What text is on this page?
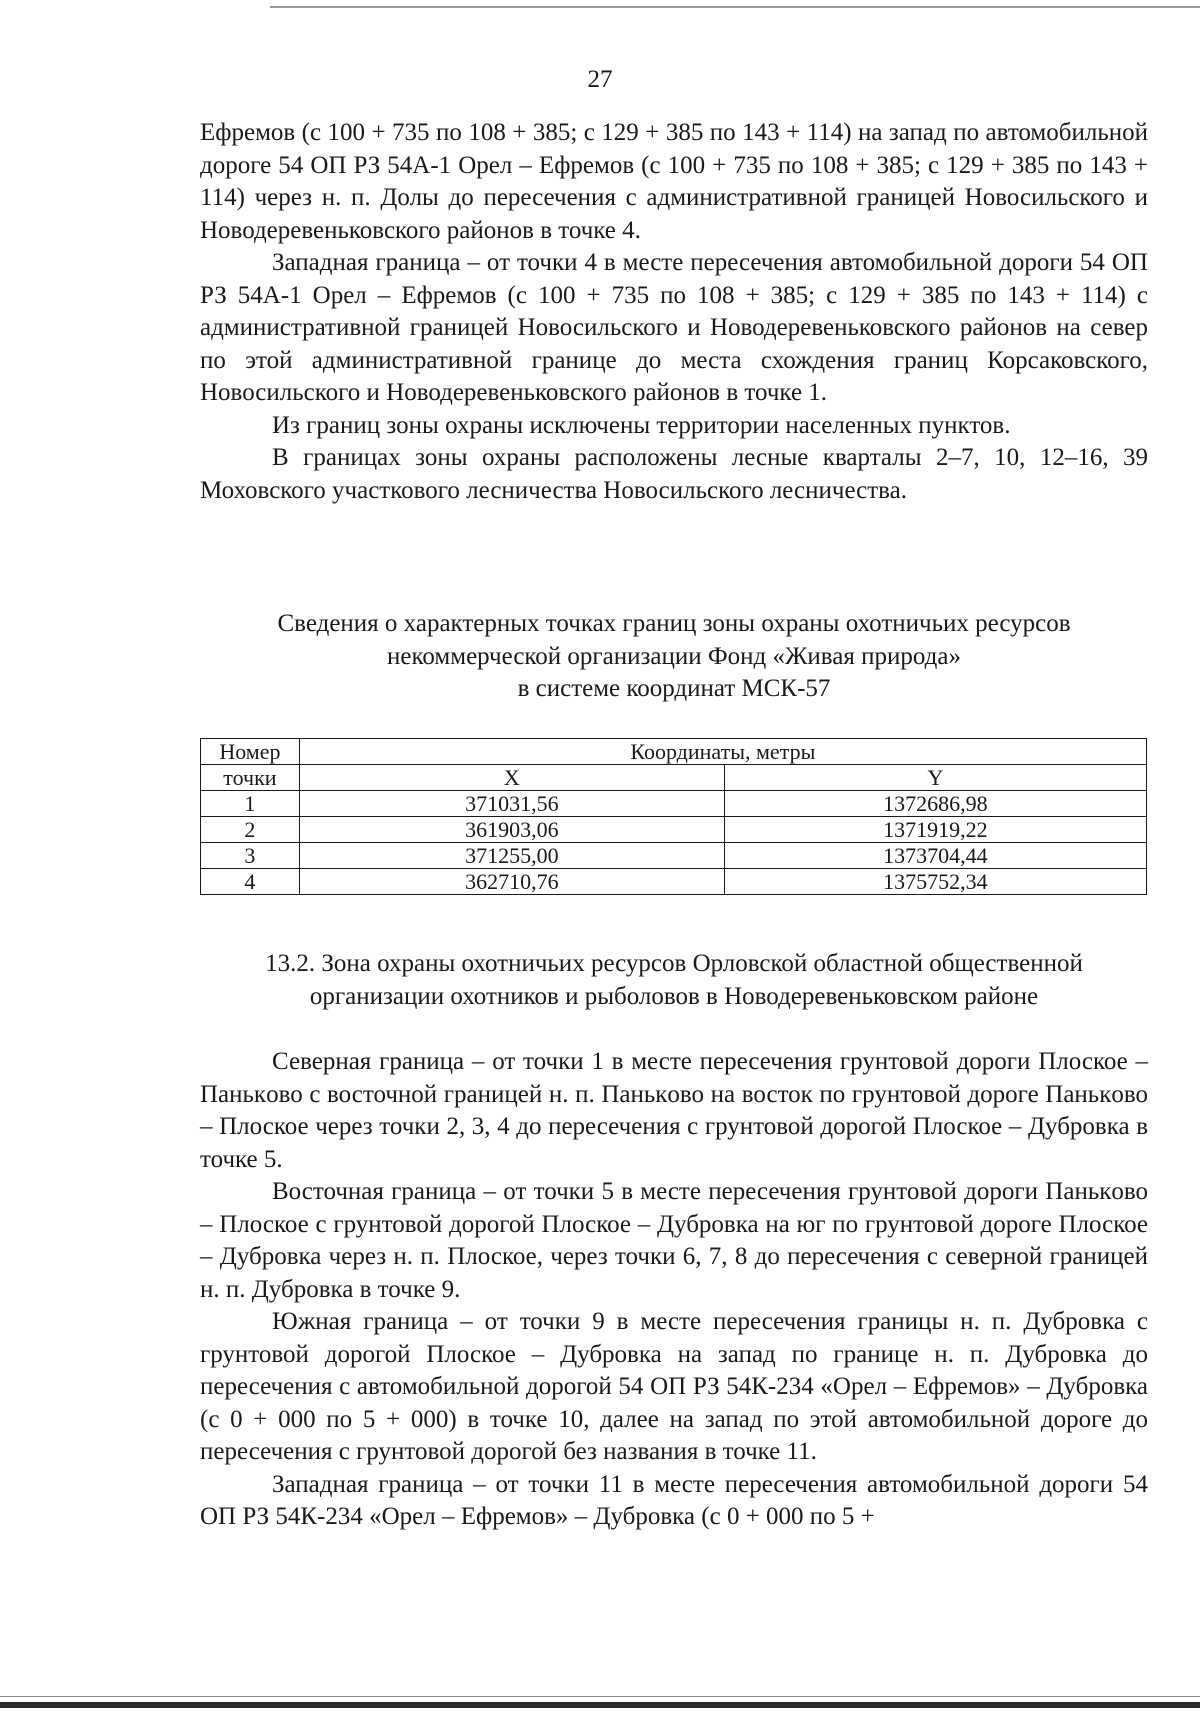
27

Ефремов (с 100 + 735 по 108 + 385; с 129 + 385 по 143 + 114) на запад по автомобильной дороге 54 ОП РЗ 54А-1 Орел – Ефремов (с 100 + 735 по 108 + 385; с 129 + 385 по 143 + 114) через н. п. Долы до пересечения с административной границей Новосильского и Новодеревеньковского районов в точке 4.

Западная граница – от точки 4 в месте пересечения автомобильной дороги 54 ОП РЗ 54А-1 Орел – Ефремов (с 100 + 735 по 108 + 385; с 129 + 385 по 143 + 114) с административной границей Новосильского и Новодеревеньковского районов на север по этой административной границе до места схождения границ Корсаковского, Новосильского и Новодеревеньковского районов в точке 1.

Из границ зоны охраны исключены территории населенных пунктов.

В границах зоны охраны расположены лесные кварталы 2–7, 10, 12–16, 39 Моховского участкового лесничества Новосильского лесничества.

Сведения о характерных точках границ зоны охраны охотничьих ресурсов
некоммерческой организации Фонд «Живая природа»
в системе координат МСК-57
Номер	Координаты, метры	
точки	X	Y
1	371031,56	1372686,98
2	361903,06	1371919,22
3	371255,00	1373704,44
4	362710,76	1375752,34
13.2. Зона охраны охотничьих ресурсов Орловской областной общественной
организации охотников и рыболовов в Новодеревеньковском районе

Северная граница – от точки 1 в месте пересечения грунтовой дороги Плоское – Панькoво с восточной границей н. п. Панькoво на восток по грунтовой дороге Панькoво – Плоское через точки 2, 3, 4 до пересечения с грунтовой дорогой Плоское – Дубровка в точке 5.

Восточная граница – от точки 5 в месте пересечения грунтовой дороги Панькoво – Плоское с грунтовой дорогой Плоское – Дубровка на юг по грунтовой дороге Плоское – Дубровка через н. п. Плоское, через точки 6, 7, 8 до пересечения с северной границей н. п. Дубровка в точке 9.

Южная граница – от точки 9 в месте пересечения границы н. п. Дубровка с грунтовой дорогой Плоское – Дубровка на запад по границе н. п. Дубровка до пересечения с автомобильной дорогой 54 ОП РЗ 54К-234 «Орел – Ефремов» – Дубровка (с 0 + 000 по 5 + 000) в точке 10, далее на запад по этой автомобильной дороге до пересечения с грунтовой дорогой без названия в точке 11.

Западная граница – от точки 11 в месте пересечения автомобильной дороги 54 ОП РЗ 54К-234 «Орел – Ефремов» – Дубровка (с 0 + 000 по 5 +
